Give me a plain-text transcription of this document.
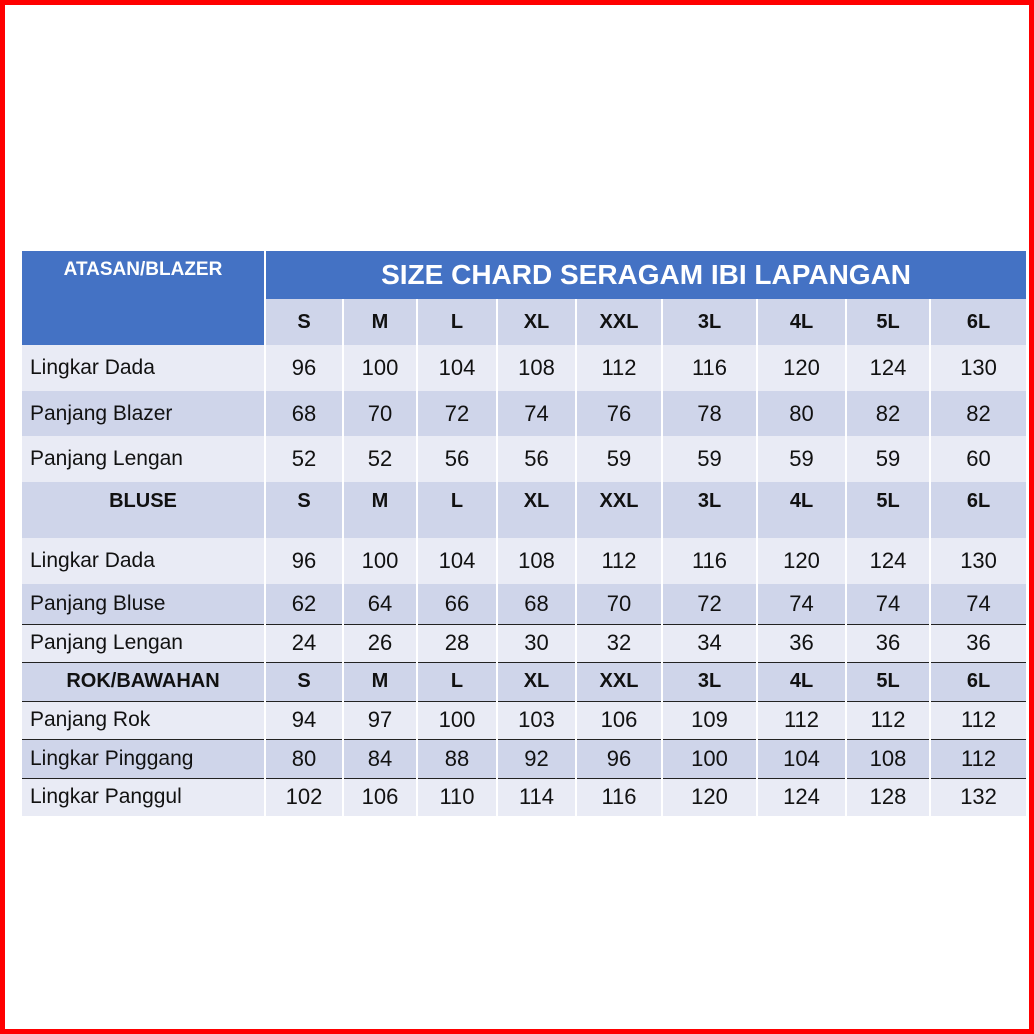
ATASAN/BLAZER	SIZE CHARD SERAGAM IBI LAPANGAN								
	S	M	L	XL	XXL	3L	4L	5L	6L
Lingkar Dada	96	100	104	108	112	116	120	124	130
Panjang Blazer	68	70	72	74	76	78	80	82	82
Panjang Lengan	52	52	56	56	59	59	59	59	60
BLUSE	S	M	L	XL	XXL	3L	4L	5L	6L
Lingkar Dada	96	100	104	108	112	116	120	124	130
Panjang Bluse	62	64	66	68	70	72	74	74	74
Panjang Lengan	24	26	28	30	32	34	36	36	36
ROK/BAWAHAN	S	M	L	XL	XXL	3L	4L	5L	6L
Panjang Rok	94	97	100	103	106	109	112	112	112
Lingkar Pinggang	80	84	88	92	96	100	104	108	112
Lingkar Panggul	102	106	110	114	116	120	124	128	132
